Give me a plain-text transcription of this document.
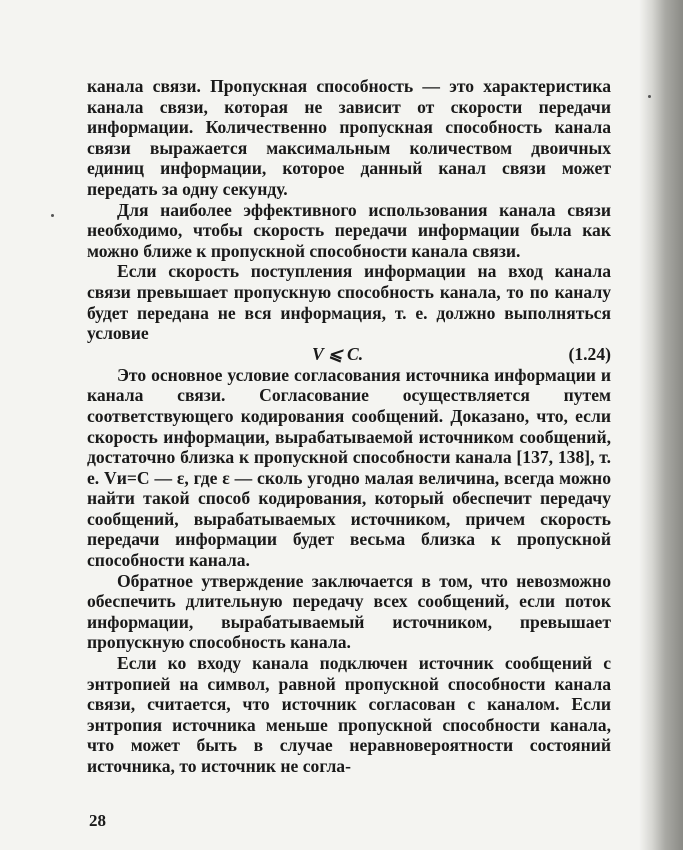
канала связи. Пропускная способность — это характеристика канала связи, которая не зависит от скорости передачи информации. Количественно пропускная способность канала связи выражается максимальным количеством двоичных единиц информации, которое данный канал связи может передать за одну секунду.

Для наиболее эффективного использования канала связи необходимо, чтобы скорость передачи информации была как можно ближе к пропускной способности канала связи.

Если скорость поступления информации на вход канала связи превышает пропускную способность канала, то по каналу будет передана не вся информация, т. е. должно выполняться условие

V ⩽ C.	(1.24)

Это основное условие согласования источника информации и канала связи. Согласование осуществляется путем соответствующего кодирования сообщений. Доказано, что, если скорость информации, вырабатываемой источником сообщений, достаточно близка к пропускной способности канала [137, 138], т. е. Vи=C — ε, где ε — сколь угодно малая величина, всегда можно найти такой способ кодирования, который обеспечит передачу сообщений, вырабатываемых источником, причем скорость передачи информации будет весьма близка к пропускной способности канала.

Обратное утверждение заключается в том, что невозможно обеспечить длительную передачу всех сообщений, если поток информации, вырабатываемый источником, превышает пропускную способность канала.

Если ко входу канала подключен источник сообщений с энтропией на символ, равной пропускной способности канала связи, считается, что источник согласован с каналом. Если энтропия источника меньше пропускной способности канала, что может быть в случае неравновероятности состояний источника, то источник не согла-

28
